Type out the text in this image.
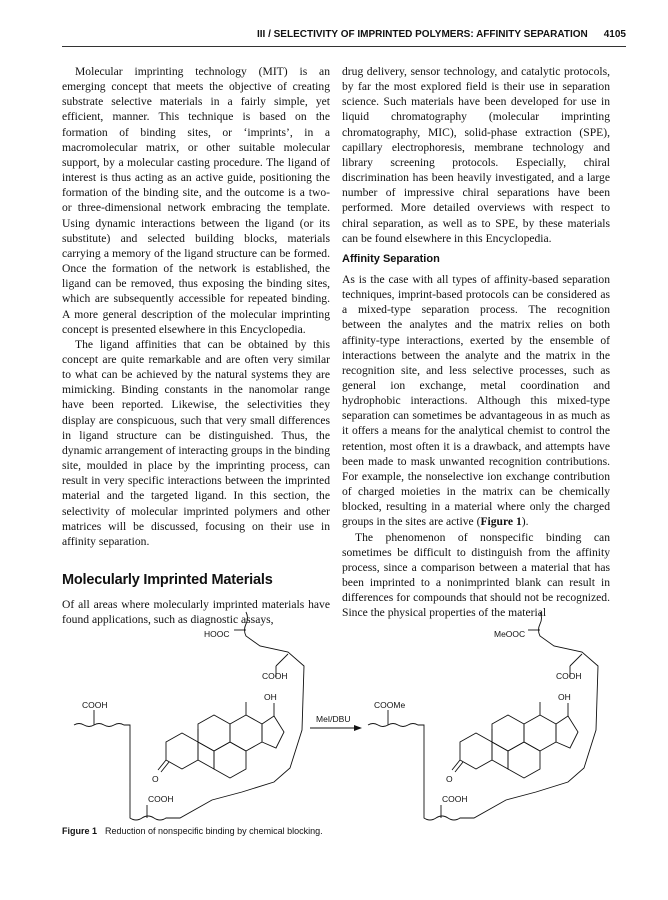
III / SELECTIVITY OF IMPRINTED POLYMERS: AFFINITY SEPARATION 4105

Molecular imprinting technology (MIT) is an emerging concept that meets the objective of creating substrate selective materials in a fairly simple, yet efficient, manner. This technique is based on the formation of binding sites, or ‘imprints’, in a macromolecular matrix, or other suitable molecular support, by a molecular casting procedure. The ligand of interest is thus acting as an active guide, positioning the formation of the binding site, and the outcome is a two- or three-dimensional network embracing the template. Using dynamic interactions between the ligand (or its substitute) and selected building blocks, materials carrying a memory of the ligand structure can be formed. Once the formation of the network is established, the ligand can be removed, thus exposing the binding sites, which are subsequently accessible for repeated binding. A more general description of the molecular imprinting concept is presented elsewhere in this Encyclopedia.

The ligand affinities that can be obtained by this concept are quite remarkable and are often very similar to what can be achieved by the natural systems they are mimicking. Binding constants in the nanomolar range have been reported. Likewise, the selectivities they display are conspicuous, such that very small differences in ligand structure can be distinguished. Thus, the dynamic arrangement of interacting groups in the binding site, moulded in place by the imprinting process, can result in very specific interactions between the imprinted material and the targeted ligand. In this section, the selectivity of molecular imprinted polymers and other matrices will be discussed, focusing on their use in affinity separation.

Molecularly Imprinted Materials

Of all areas where molecularly imprinted materials have found applications, such as diagnostic assays,

drug delivery, sensor technology, and catalytic protocols, by far the most explored field is their use in separation science. Such materials have been developed for use in liquid chromatography (molecular imprinting chromatography, MIC), solid-phase extraction (SPE), capillary electrophoresis, membrane technology and library screening protocols. Especially, chiral discrimination has been heavily investigated, and a large number of impressive chiral separations have been performed. More detailed overviews with respect to chiral separation, as well as to SPE, by these materials can be found elsewhere in this Encyclopedia.

Affinity Separation

As is the case with all types of affinity-based separation techniques, imprint-based protocols can be considered as a mixed-type separation process. The recognition between the analytes and the matrix relies on both affinity-type interactions, exerted by the ensemble of interactions between the analyte and the matrix in the recognition site, and less selective processes, such as general ion exchange, metal coordination and hydrophobic interactions. Although this mixed-type separation can sometimes be advantageous in as much as it offers a means for the analytical chemist to control the retention, most often it is a drawback, and attempts have been made to mask unwanted recognition contributions. For example, the nonselective ion exchange contribution of charged moieties in the matrix can be chemically blocked, resulting in a material where only the charged groups in the sites are active (Figure 1).

The phenomenon of nonspecific binding can sometimes be difficult to distinguish from the affinity process, since a comparison between a material that has been imprinted to a nonimprinted blank can result in differences for compounds that should not be recognized. Since the physical properties of the material

HOOC
COOH
OH
COOH
O
COOH
MeI/DBU
MeOOC
COOH
OH
COOMe
O
COOH
Figure 1 Reduction of nonspecific binding by chemical blocking.
